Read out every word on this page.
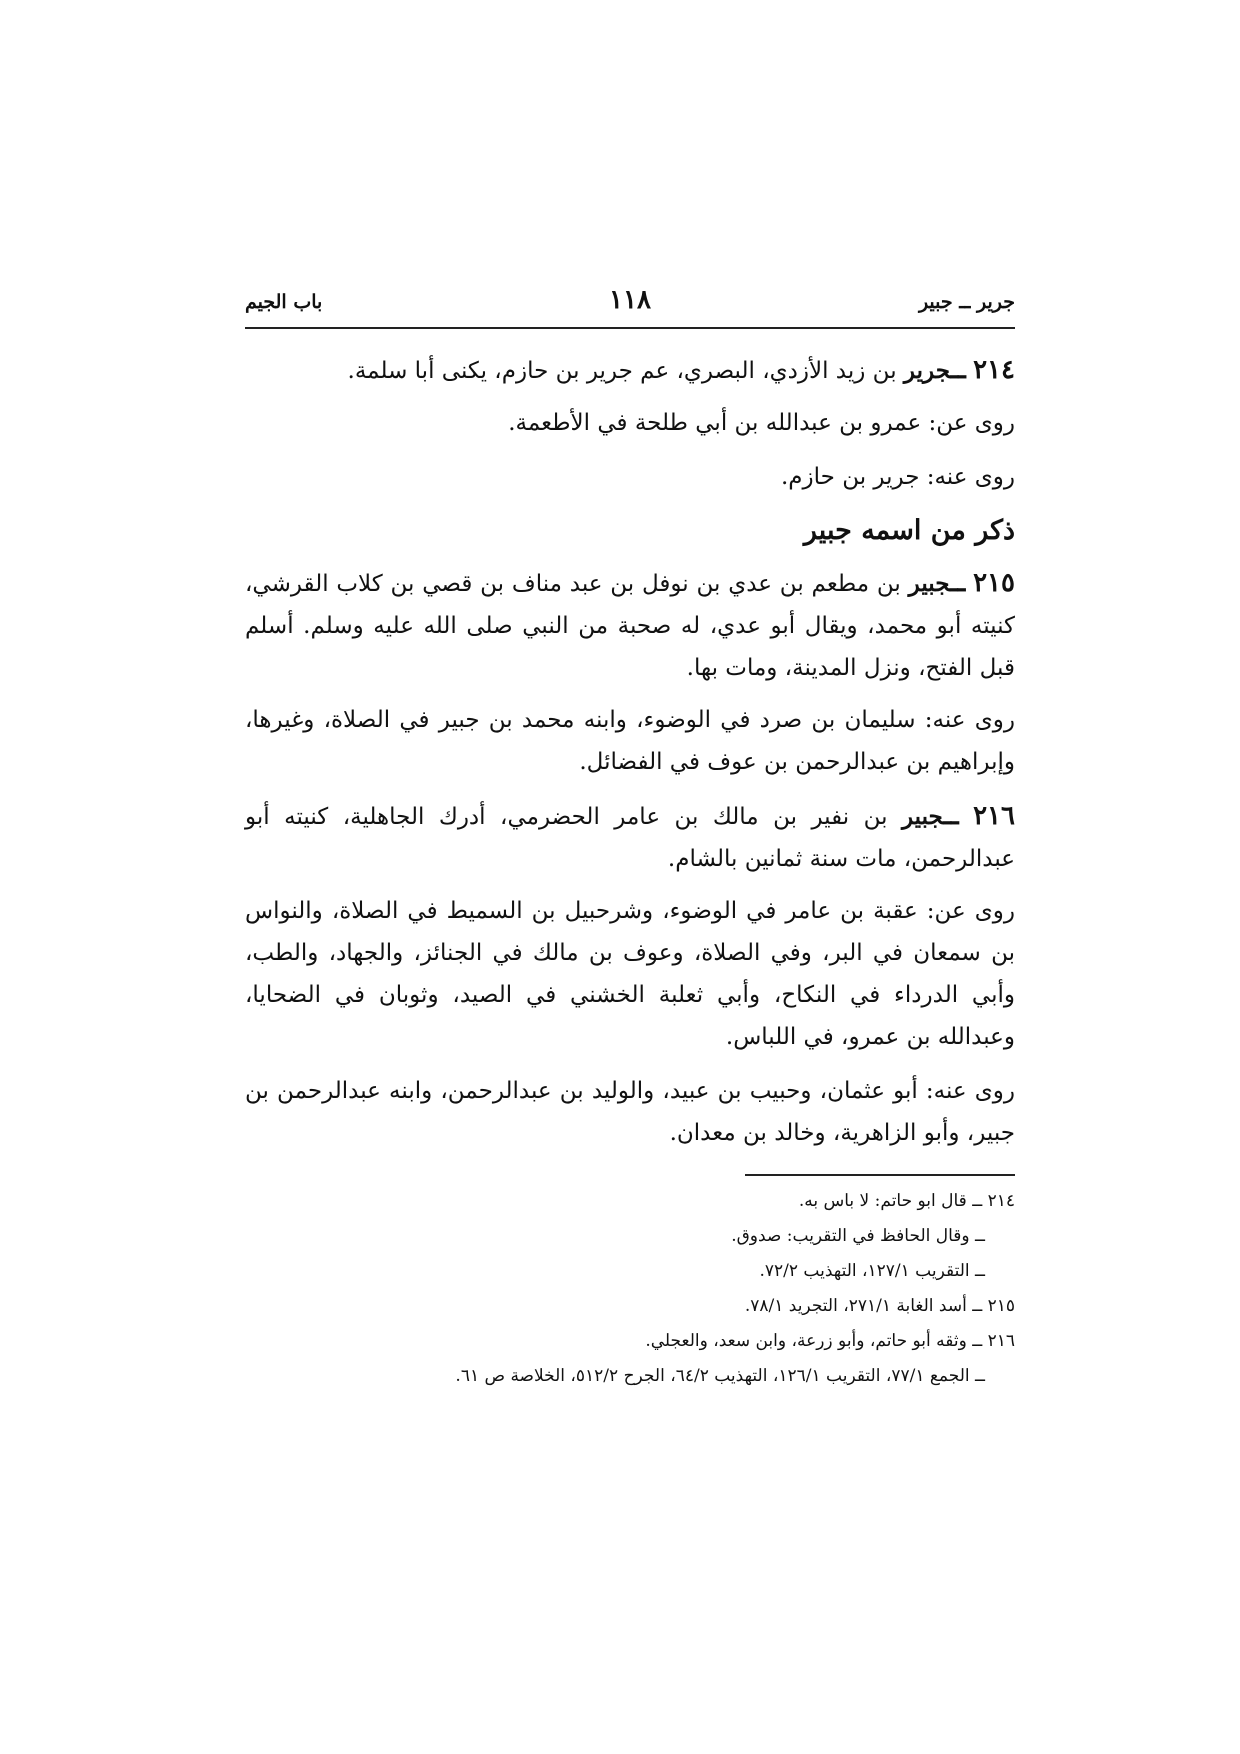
جرير ــ جبير
١١٨
باب الجيم

٢١٤ ــجرير بن زيد الأزدي، البصري، عم جرير بن حازم، يكنى أبا سلمة.

روى عن: عمرو بن عبدالله بن أبي طلحة في الأطعمة.

روى عنه: جرير بن حازم.

ذكر من اسمه جبير

٢١٥ ــجبير بن مطعم بن عدي بن نوفل بن عبد مناف بن قصي بن كلاب القرشي، كنيته أبو محمد، ويقال أبو عدي، له صحبة من النبي صلى الله عليه وسلم. أسلم قبل الفتح، ونزل المدينة، ومات بها.

روى عنه: سليمان بن صرد في الوضوء، وابنه محمد بن جبير في الصلاة، وغيرها، وإبراهيم بن عبدالرحمن بن عوف في الفضائل.

٢١٦ ــجبير بن نفير بن مالك بن عامر الحضرمي، أدرك الجاهلية، كنيته أبو عبدالرحمن، مات سنة ثمانين بالشام.

روى عن: عقبة بن عامر في الوضوء، وشرحبيل بن السميط في الصلاة، والنواس بن سمعان في البر، وفي الصلاة، وعوف بن مالك في الجنائز، والجهاد، والطب، وأبي الدرداء في النكاح، وأبي ثعلبة الخشني في الصيد، وثوبان في الضحايا، وعبدالله بن عمرو، في اللباس.

روى عنه: أبو عثمان، وحبيب بن عبيد، والوليد بن عبدالرحمن، وابنه عبدالرحمن بن جبير، وأبو الزاهرية، وخالد بن معدان.

٢١٤ ــ قال ابو حاتم: لا باس به.
ــ وقال الحافظ في التقريب: صدوق.
ــ التقريب ١٢٧/١، التهذيب ٧٢/٢.
٢١٥ ــ أسد الغابة ٢٧١/١، التجريد ٧٨/١.
٢١٦ ــ وثقه أبو حاتم، وأبو زرعة، وابن سعد، والعجلي.
ــ الجمع ٧٧/١، التقريب ١٢٦/١، التهذيب ٦٤/٢، الجرح ٥١٢/٢، الخلاصة ص ٦١.
